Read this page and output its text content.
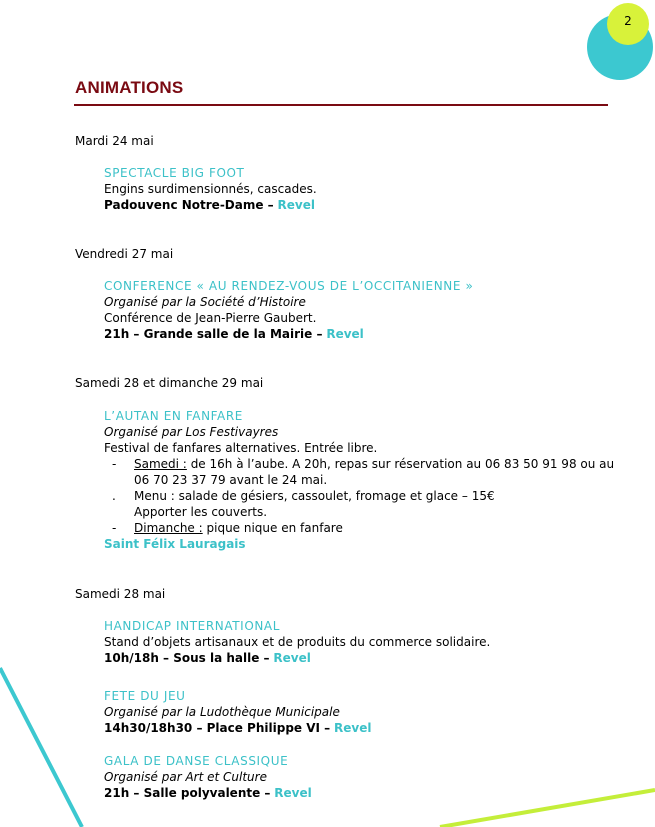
2
ANIMATIONS
Mardi 24 mai
SPECTACLE BIG FOOT
Engins surdimensionnés, cascades.
Padouvenc Notre-Dame – Revel
Vendredi 27 mai
CONFERENCE « AU RENDEZ-VOUS DE L’OCCITANIENNE »
Organisé par la Société d’Histoire
Conférence de Jean-Pierre Gaubert.
21h – Grande salle de la Mairie – Revel
Samedi 28 et dimanche 29 mai
L’AUTAN EN FANFARE
Organisé par Los Festivayres
Festival de fanfares alternatives. Entrée libre.
- Samedi : de 16h à l’aube. A 20h, repas sur réservation au 06 83 50 91 98 ou au 06 70 23 37 79 avant le 24 mai.
. Menu : salade de gésiers, cassoulet, fromage et glace – 15€
Apporter les couverts.
- Dimanche : pique nique en fanfare
Saint Félix Lauragais
Samedi 28 mai
HANDICAP INTERNATIONAL
Stand d’objets artisanaux et de produits du commerce solidaire.
10h/18h – Sous la halle – Revel
FETE DU JEU
Organisé par la Ludothèque Municipale
14h30/18h30 – Place Philippe VI – Revel
GALA DE DANSE CLASSIQUE
Organisé par Art et Culture
21h – Salle polyvalente – Revel
